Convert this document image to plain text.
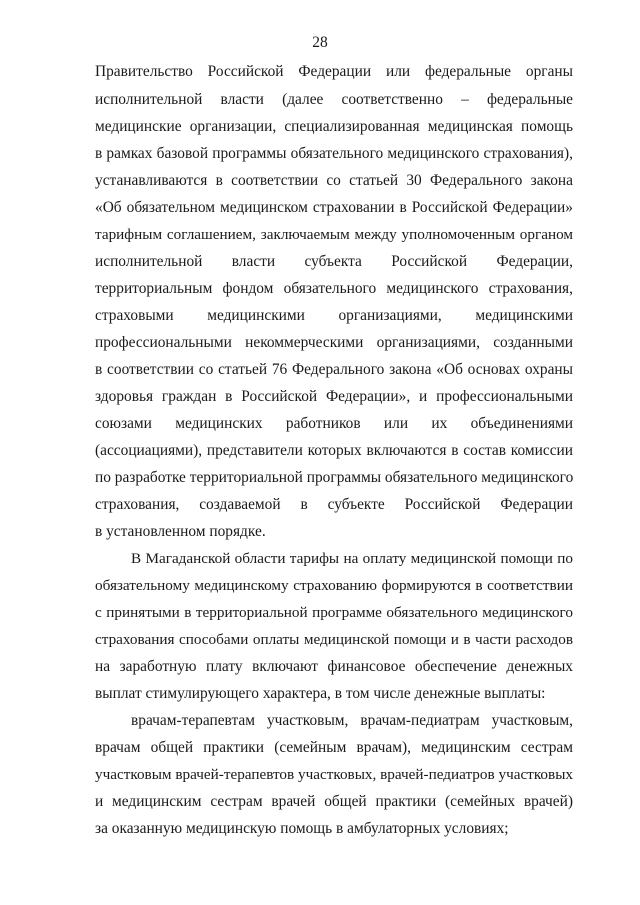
28
Правительство Российской Федерации или федеральные органы
исполнительной власти (далее соответственно – федеральные
медицинские организации, специализированная медицинская помощь
в рамках базовой программы обязательного медицинского страхования),
устанавливаются в соответствии со статьей 30 Федерального закона
«Об обязательном медицинском страховании в Российской Федерации»
тарифным соглашением, заключаемым между уполномоченным органом
исполнительной власти субъекта Российской Федерации,
территориальным фондом обязательного медицинского страхования,
страховыми медицинскими организациями, медицинскими
профессиональными некоммерческими организациями, созданными
в соответствии со статьей 76 Федерального закона «Об основах охраны
здоровья граждан в Российской Федерации», и профессиональными
союзами медицинских работников или их объединениями
(ассоциациями), представители которых включаются в состав комиссии
по разработке территориальной программы обязательного медицинского
страхования, создаваемой в субъекте Российской Федерации
в установленном порядке.
В Магаданской области тарифы на оплату медицинской помощи по
обязательному медицинскому страхованию формируются в соответствии
с принятыми в территориальной программе обязательного медицинского
страхования способами оплаты медицинской помощи и в части расходов
на заработную плату включают финансовое обеспечение денежных
выплат стимулирующего характера, в том числе денежные выплаты:
врачам-терапевтам участковым, врачам-педиатрам участковым,
врачам общей практики (семейным врачам), медицинским сестрам
участковым врачей-терапевтов участковых, врачей-педиатров участковых
и медицинским сестрам врачей общей практики (семейных врачей)
за оказанную медицинскую помощь в амбулаторных условиях;
